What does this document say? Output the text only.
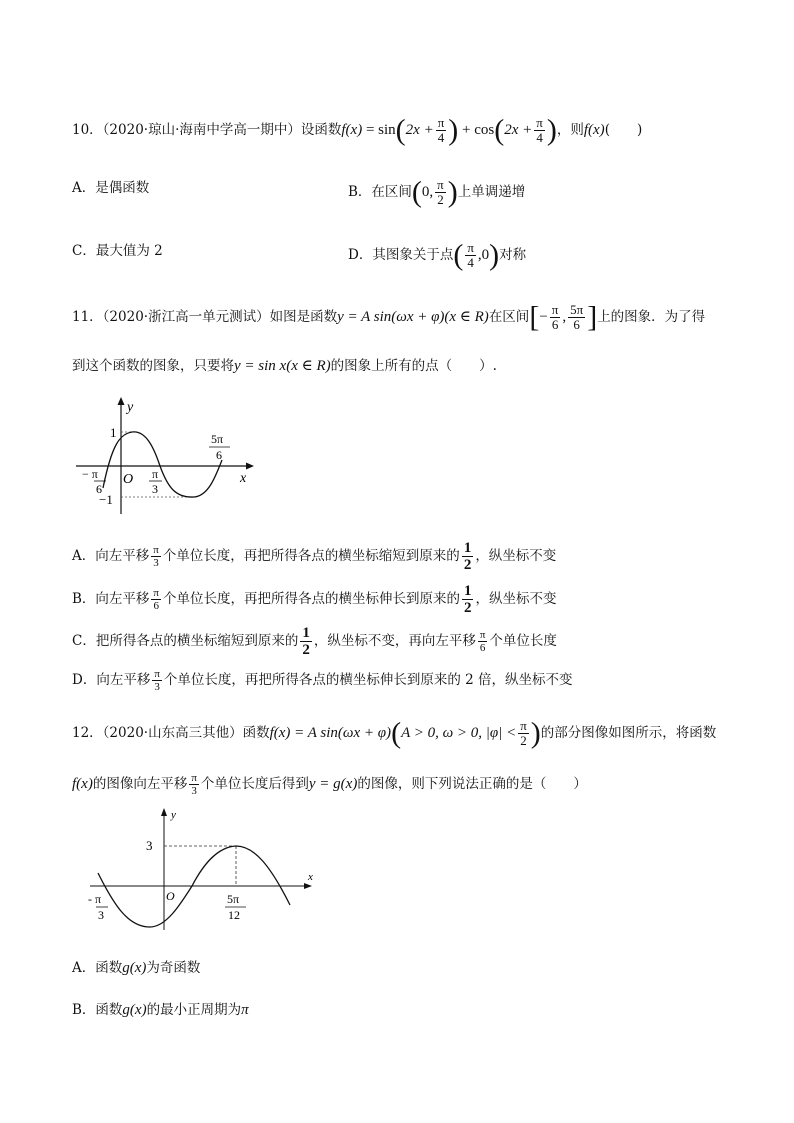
10．（2020·琼山·海南中学高一期中）设函数$f(x) = \sin(2x + \frac{\pi}{4}$ ) + $\cos(2x + \frac{\pi}{4}$ )，则f(x)(　　)
A．是偶函数	B．在区间(0, $\frac{\pi}{2}$ )上单调递增
C．最大值为 2	D．其图象关于点( $\frac{\pi}{4} ,0$)对称
11．（2020·浙江高一单元测试）如图是函数y = A sin(ωx + φ)(x ∈ R)在区间[− $\frac{\pi}{6}$ , $\frac{5\pi}{6}$ ]上的图象．为了得
到这个函数的图象，只要将y = sin x(x ∈ R)的图象上所有的点（　　）.
y
x
O
1
−1
− π
6
π
3
5π
6
A．向左平移 $\frac{\pi}{3}$ 个单位长度，再把所得各点的横坐标缩短到原来的 $\frac{1}{2}$ ，纵坐标不变
B．向左平移 $\frac{\pi}{6}$ 个单位长度，再把所得各点的横坐标伸长到原来的 $\frac{1}{2}$ ，纵坐标不变
C．把所得各点的横坐标缩短到原来的 $\frac{1}{2}$ ，纵坐标不变，再向左平移 $\frac{\pi}{6}$ 个单位长度
D．向左平移 $\frac{\pi}{3}$ 个单位长度，再把所得各点的横坐标伸长到原来的 2 倍，纵坐标不变
12．（2020·山东高三其他）函数f(x) = A sin(ωx + φ)(A > 0, ω > 0, $|\varphi| < \frac{\pi}{2}$ )的部分图像如图所示，将函数
f(x)的图像向左平移 $\frac{\pi}{3}$ 个单位长度后得到y = g(x)的图像，则下列说法正确的是（　　）
y
x
O
3
- π
3
5π
12
A．函数g(x)为奇函数
B．函数g(x)的最小正周期为π
